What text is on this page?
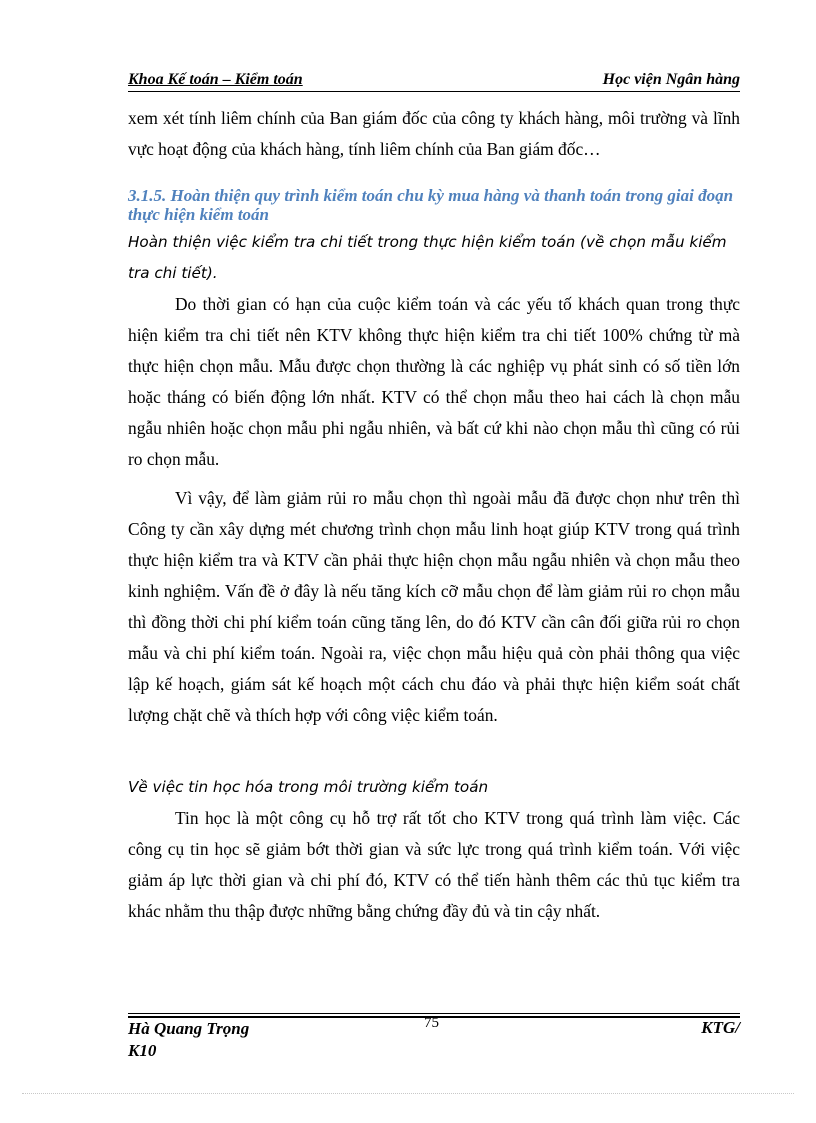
Khoa Kế toán – Kiểm toán	Học viện Ngân hàng
xem xét tính liêm chính của Ban giám đốc của công ty khách hàng, môi trường và lĩnh vực hoạt động của khách hàng, tính liêm chính của Ban giám đốc…
3.1.5. Hoàn thiện quy trình kiểm toán chu kỳ mua hàng và thanh toán trong giai đoạn thực hiện kiểm toán
Hoàn thiện việc kiểm tra chi tiết trong thực hiện kiểm toán (về chọn mẫu kiểm tra chi tiết).
Do thời gian có hạn của cuộc kiểm toán và các yếu tố khách quan trong thực hiện kiểm tra chi tiết nên KTV không thực hiện kiểm tra chi tiết 100% chứng từ mà thực hiện chọn mẫu. Mẫu được chọn thường là các nghiệp vụ phát sinh có số tiền lớn hoặc tháng có biến động lớn nhất. KTV có thể chọn mẫu theo hai cách là chọn mẫu ngẫu nhiên hoặc chọn mẫu phi ngẫu nhiên, và bất cứ khi nào chọn mẫu thì cũng có rủi ro chọn mẫu.
Vì vậy, để làm giảm rủi ro mẫu chọn thì ngoài mẫu đã được chọn như trên thì Công ty cần xây dựng mét chương trình chọn mẫu linh hoạt giúp KTV trong quá trình thực hiện kiểm tra và KTV cần phải thực hiện chọn mẫu ngẫu nhiên và chọn mẫu theo kinh nghiệm. Vấn đề ở đây là nếu tăng kích cỡ mẫu chọn để làm giảm rủi ro chọn mẫu thì đồng thời chi phí kiểm toán cũng tăng lên, do đó KTV cần cân đối giữa rủi ro chọn mẫu và chi phí kiểm toán. Ngoài ra, việc chọn mẫu hiệu quả còn phải thông qua việc lập kế hoạch, giám sát kế hoạch một cách chu đáo và phải thực hiện kiểm soát chất lượng chặt chẽ và thích hợp với công việc kiểm toán.
Về việc tin học hóa trong môi trường kiểm toán
Tin học là một công cụ hỗ trợ rất tốt cho KTV trong quá trình làm việc. Các công cụ tin học sẽ giảm bớt thời gian và sức lực trong quá trình kiểm toán. Với việc giảm áp lực thời gian và chi phí đó, KTV có thể tiến hành thêm các thủ tục kiểm tra khác nhằm thu thập được những bằng chứng đầy đủ và tin cậy nhất.
Hà Quang Trọng
K10
75	KTG/
